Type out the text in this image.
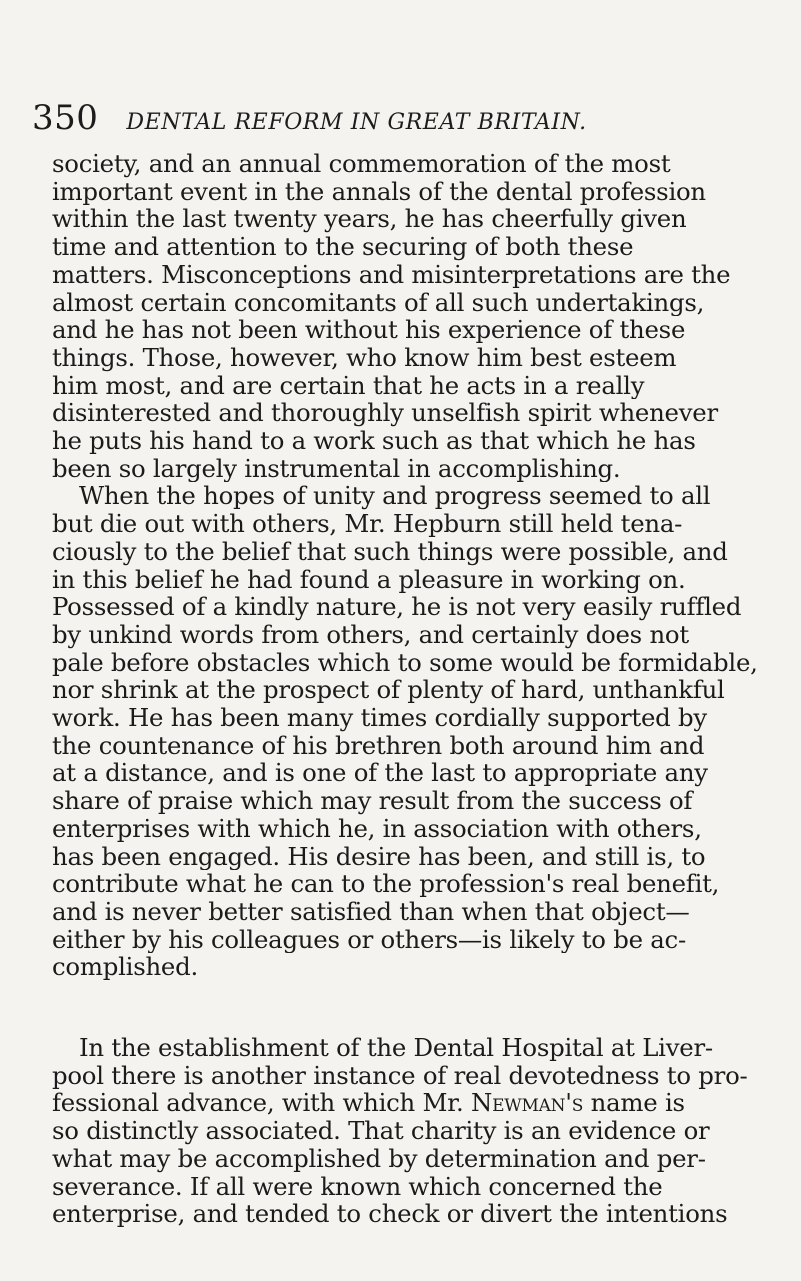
350 DENTAL REFORM IN GREAT BRITAIN.
society, and an annual commemoration of the most
important event in the annals of the dental profession
within the last twenty years, he has cheerfully given
time and attention to the securing of both these
matters. Misconceptions and misinterpretations are the
almost certain concomitants of all such undertakings,
and he has not been without his experience of these
things. Those, however, who know him best esteem
him most, and are certain that he acts in a really
disinterested and thoroughly unselfish spirit whenever
he puts his hand to a work such as that which he has
been so largely instrumental in accomplishing.
When the hopes of unity and progress seemed to all
but die out with others, Mr. Hepburn still held tena-
ciously to the belief that such things were possible, and
in this belief he had found a pleasure in working on.
Possessed of a kindly nature, he is not very easily ruffled
by unkind words from others, and certainly does not
pale before obstacles which to some would be formidable,
nor shrink at the prospect of plenty of hard, unthankful
work. He has been many times cordially supported by
the countenance of his brethren both around him and
at a distance, and is one of the last to appropriate any
share of praise which may result from the success of
enterprises with which he, in association with others,
has been engaged. His desire has been, and still is, to
contribute what he can to the profession's real benefit,
and is never better satisfied than when that object—
either by his colleagues or others—is likely to be ac-
complished.
In the establishment of the Dental Hospital at Liver-
pool there is another instance of real devotedness to pro-
fessional advance, with which Mr. Newman's name is
so distinctly associated. That charity is an evidence or
what may be accomplished by determination and per-
severance. If all were known which concerned the
enterprise, and tended to check or divert the intentions
